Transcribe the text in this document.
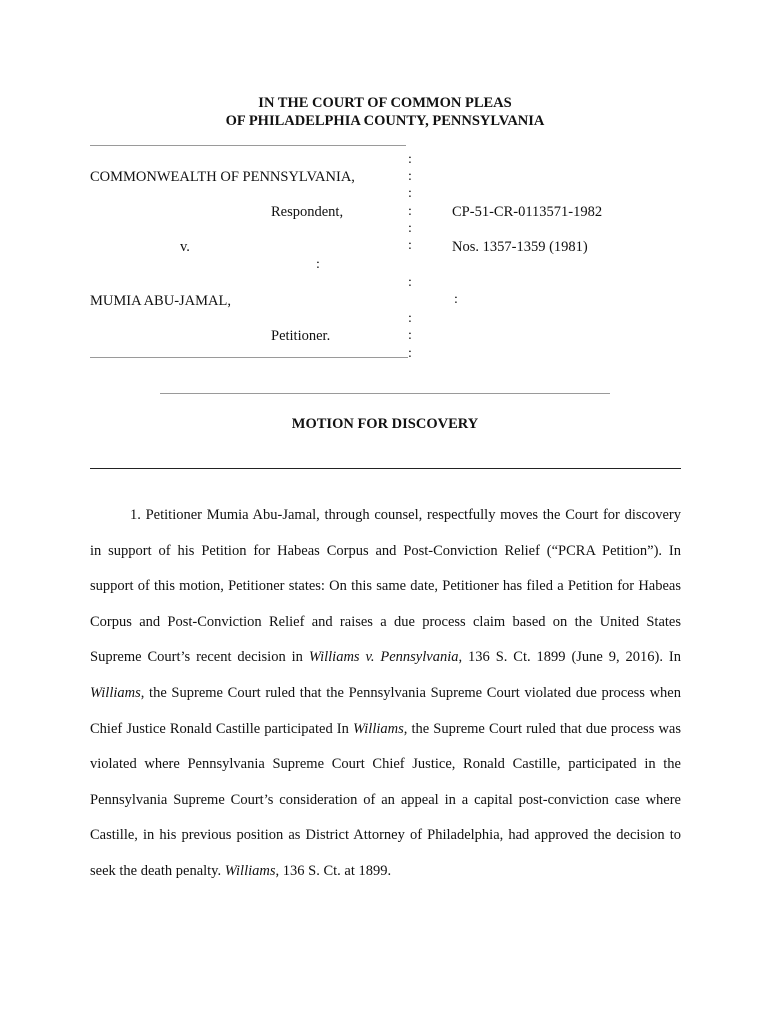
IN THE COURT OF COMMON PLEAS
OF PHILADELPHIA COUNTY, PENNSYLVANIA
:
:
:
:
:
:
:
:
:
:
:
:
COMMONWEALTH OF PENNSYLVANIA,
Respondent,	CP-51-CR-0113571-1982
v.	Nos. 1357-1359 (1981)
MUMIA ABU-JAMAL,
Petitioner.
MOTION FOR DISCOVERY
1. Petitioner Mumia Abu-Jamal, through counsel, respectfully moves the Court for discovery in support of his Petition for Habeas Corpus and Post-Conviction Relief (“PCRA Petition”). In support of this motion, Petitioner states: On this same date, Petitioner has filed a Petition for Habeas Corpus and Post-Conviction Relief and raises a due process claim based on the United States Supreme Court’s recent decision in Williams v. Pennsylvania, 136 S. Ct. 1899 (June 9, 2016). In Williams, the Supreme Court ruled that the Pennsylvania Supreme Court violated due process when Chief Justice Ronald Castille participated In Williams, the Supreme Court ruled that due process was violated where Pennsylvania Supreme Court Chief Justice, Ronald Castille, participated in the Pennsylvania Supreme Court’s consideration of an appeal in a capital post-conviction case where Castille, in his previous position as District Attorney of Philadelphia, had approved the decision to seek the death penalty. Williams, 136 S. Ct. at 1899.
